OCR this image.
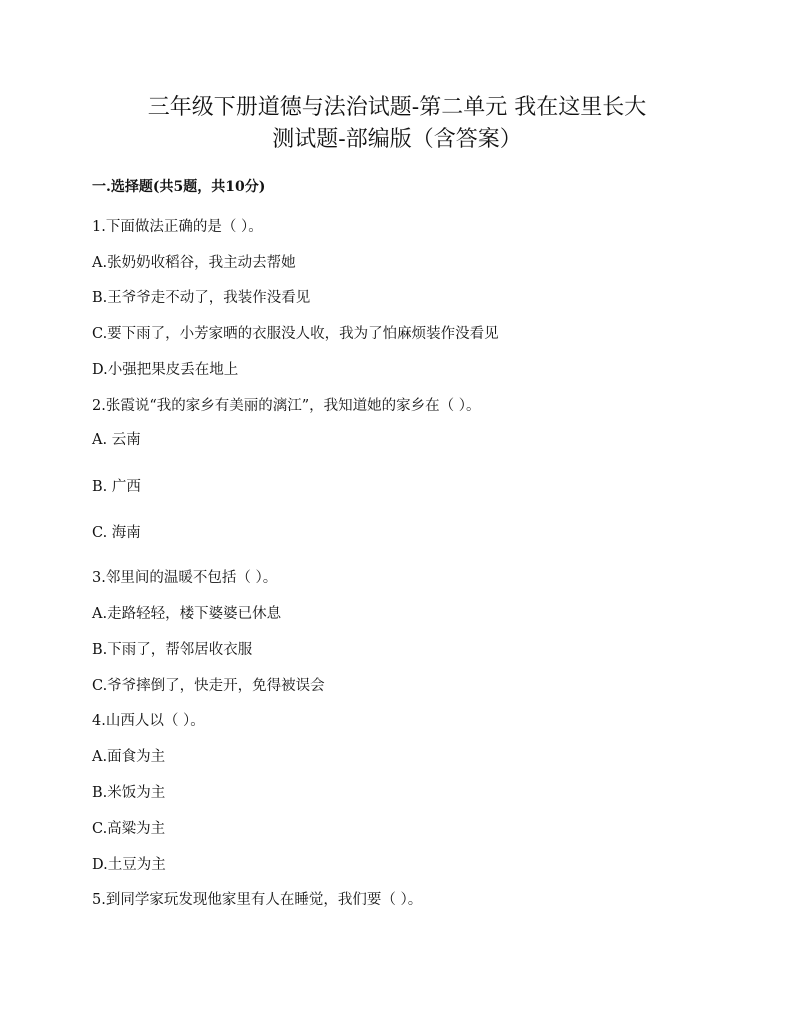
三年级下册道德与法治试题-第二单元 我在这里长大
测试题-部编版（含答案）
一.选择题(共5题，共10分)
1.下面做法正确的是（ ）。
A.张奶奶收稻谷，我主动去帮她
B.王爷爷走不动了，我装作没看见
C.要下雨了，小芳家晒的衣服没人收，我为了怕麻烦装作没看见
D.小强把果皮丢在地上
2.张霞说“我的家乡有美丽的漓江”，我知道她的家乡在（ ）。
A. 云南
B. 广西
C. 海南
3.邻里间的温暖不包括（ ）。
A.走路轻轻，楼下婆婆已休息
B.下雨了，帮邻居收衣服
C.爷爷摔倒了，快走开，免得被误会
4.山西人以（ ）。
A.面食为主
B.米饭为主
C.高粱为主
D.土豆为主
5.到同学家玩发现他家里有人在睡觉，我们要（ ）。
